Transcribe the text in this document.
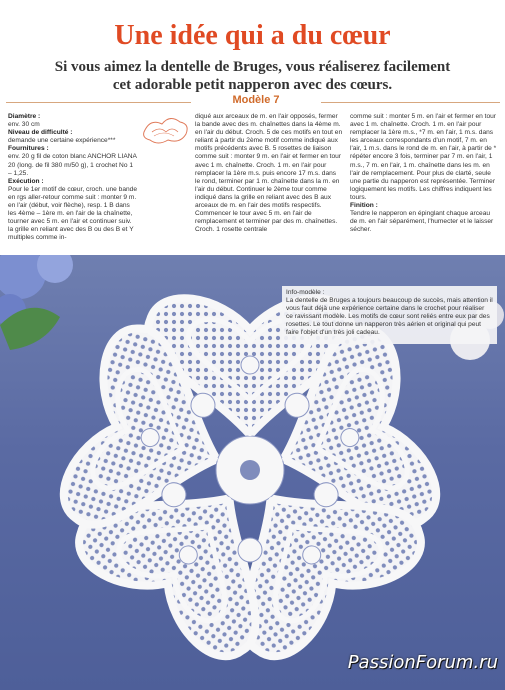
Une idée qui a du cœur
Si vous aimez la dentelle de Bruges, vous réaliserez facilement
cet adorable petit napperon avec des cœurs.
Modèle 7

Diamètre :

env. 30 cm

Niveau de difficulté :

demande une certaine expérience***

Fournitures :

env. 20 g fil de coton blanc ANCHOR LIANA 20 (long. de fil 380 m/50 g), 1 crochet No 1 – 1,25.

Exécution :

Pour le 1er motif de cœur, croch. une bande en rgs aller-retour comme suit : monter 9 m. en l'air (début, voir flèche), resp. 1 B dans les 4ème – 1ère m. en l'air de la chaînette, tourner avec 5 m. en l'air et continuer suiv. la grille en reliant avec des B ou des B et Y multiples comme in-

diqué aux arceaux de m. en l'air opposés, fermer la bande avec des m. chaînettes dans la 4ème m. en l'air du début. Croch. 5 de ces motifs en tout en reliant à partir du 2ème motif comme indiqué aux motifs précédents avec B. 5 rosettes de liaison comme suit : monter 9 m. en l'air et fermer en tour avec 1 m. chaînette. Croch. 1 m. en l'air pour remplacer la 1ère m.s. puis encore 17 m.s. dans le rond, terminer par 1 m. chaînette dans la m. en l'air du début. Continuer le 2ème tour comme indiqué dans la grille en reliant avec des B aux arceaux de m. en l'air des motifs respectifs. Commencer le tour avec 5 m. en l'air de remplacement et terminer par des m. chaînettes. Croch. 1 rosette centrale

comme suit : monter 5 m. en l'air et fermer en tour avec 1 m. chaînette. Croch. 1 m. en l'air pour remplacer la 1ère m.s., *7 m. en l'air, 1 m.s. dans les arceaux correspondants d'un motif, 7 m. en l'air, 1 m.s. dans le rond de m. en l'air, à partir de * répéter encore 3 fois, terminer par 7 m. en l'air, 1 m.s., 7 m. en l'air, 1 m. chaînette dans les m. en l'air de remplacement. Pour plus de clarté, seule une partie du napperon est représentée. Terminer logiquement les motifs. Les chiffres indiquent les tours.

Finition :

Tendre le napperon en épinglant chaque arceau de m. en l'air séparément, l'humecter et le laisser sécher.

Info-modèle :
La dentelle de Bruges a toujours beaucoup de succès, mais attention il vous faut déjà une expérience certaine dans le crochet pour réaliser ce ravissant modèle. Les motifs de cœur sont reliés entre eux par des rosettes. Le tout donne un napperon très aérien et original qui peut faire l'objet d'un très joli cadeau.
PassionForum.ru
